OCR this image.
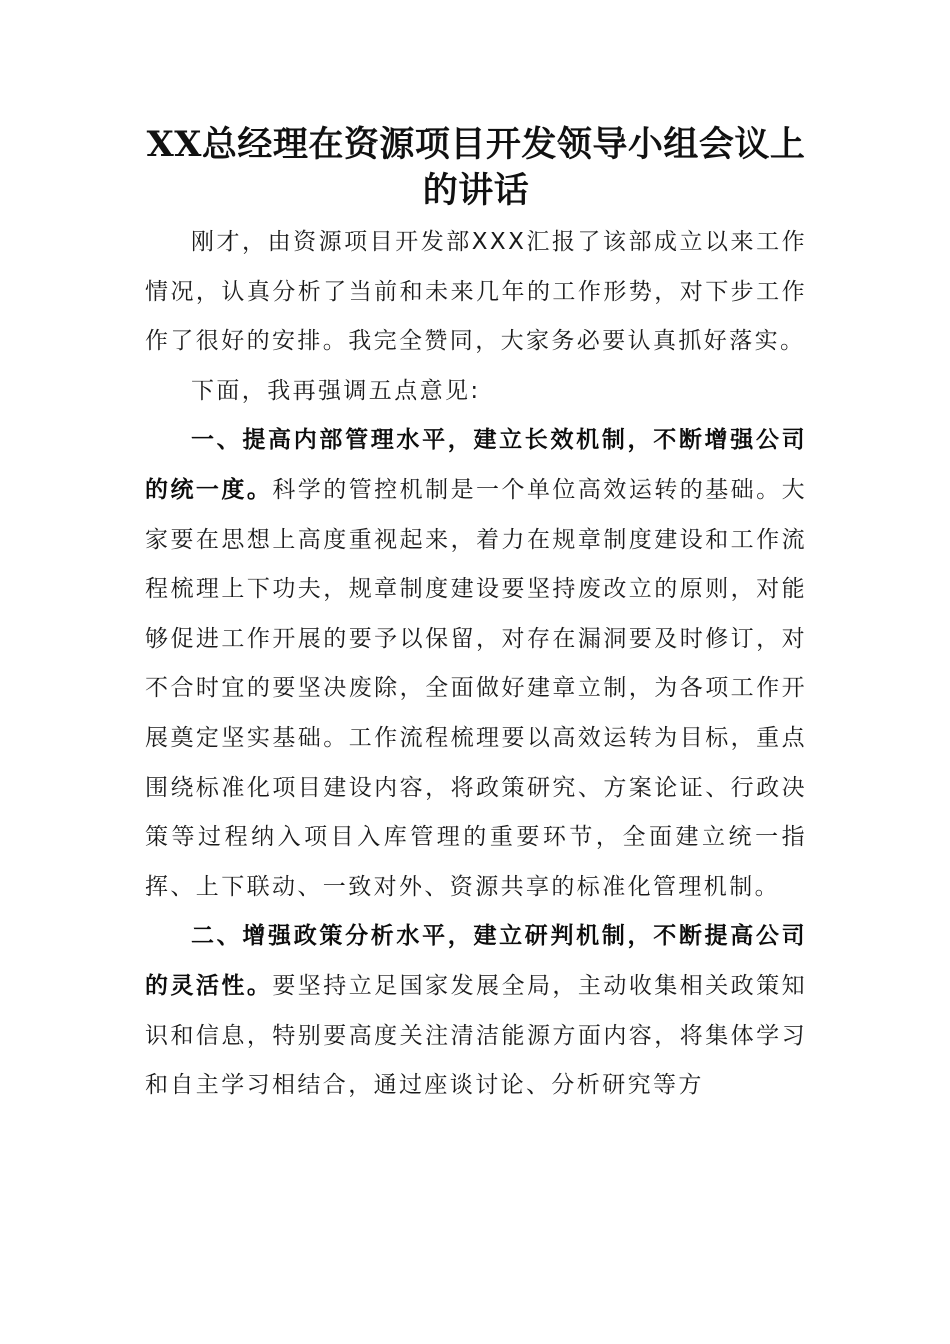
XX总经理在资源项目开发领导小组会议上的讲话

刚才，由资源项目开发部XXX汇报了该部成立以来工作情况，认真分析了当前和未来几年的工作形势，对下步工作作了很好的安排。我完全赞同，大家务必要认真抓好落实。

下面，我再强调五点意见:

一、提高内部管理水平，建立长效机制，不断增强公司的统一度。科学的管控机制是一个单位高效运转的基础。大家要在思想上高度重视起来，着力在规章制度建设和工作流程梳理上下功夫，规章制度建设要坚持废改立的原则，对能够促进工作开展的要予以保留，对存在漏洞要及时修订，对不合时宜的要坚决废除，全面做好建章立制，为各项工作开展奠定坚实基础。工作流程梳理要以高效运转为目标，重点围绕标准化项目建设内容，将政策研究、方案论证、行政决策等过程纳入项目入库管理的重要环节，全面建立统一指挥、上下联动、一致对外、资源共享的标准化管理机制。

二、增强政策分析水平，建立研判机制，不断提高公司的灵活性。要坚持立足国家发展全局，主动收集相关政策知识和信息，特别要高度关注清洁能源方面内容，将集体学习和自主学习相结合，通过座谈讨论、分析研究等方
